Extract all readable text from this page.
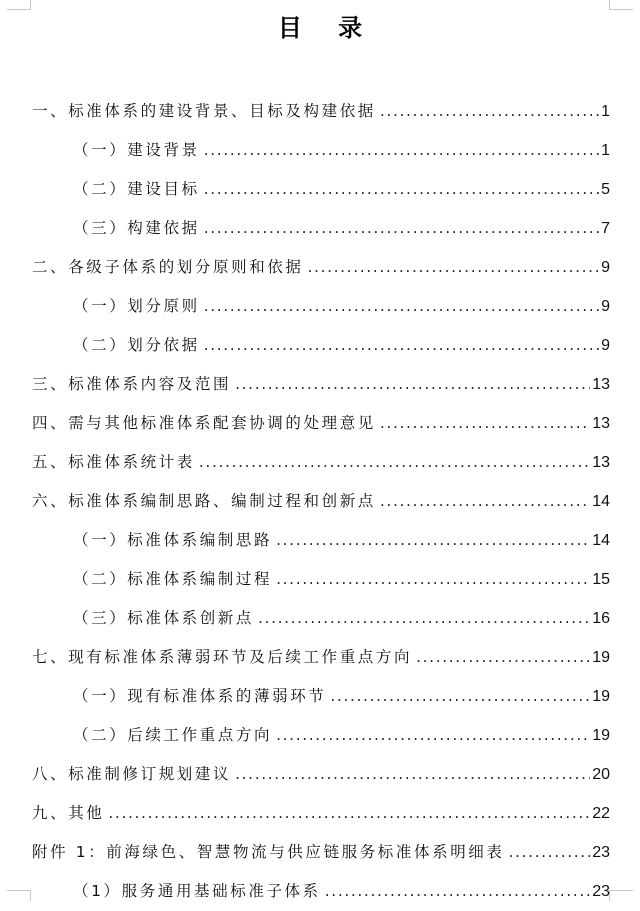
目 录
一、标准体系的建设背景、目标及构建依据 .....	1
（一）建设背景 .....	1
（二）建设目标 .....	5
（三）构建依据 .....	7
二、各级子体系的划分原则和依据 .....	9
（一）划分原则 .....	9
（二）划分依据 .....	9
三、标准体系内容及范围 .....	13
四、需与其他标准体系配套协调的处理意见 .....	13
五、标准体系统计表 .....	13
六、标准体系编制思路、编制过程和创新点 .....	14
（一）标准体系编制思路 .....	14
（二）标准体系编制过程 .....	15
（三）标准体系创新点 .....	16
七、现有标准体系薄弱环节及后续工作重点方向 .....	19
（一）现有标准体系的薄弱环节 .....	19
（二）后续工作重点方向 .....	19
八、标准制修订规划建议 .....	20
九、其他 .....	22
附件 1：前海绿色、智慧物流与供应链服务标准体系明细表 .....	23
（1）服务通用基础标准子体系 .....	23
